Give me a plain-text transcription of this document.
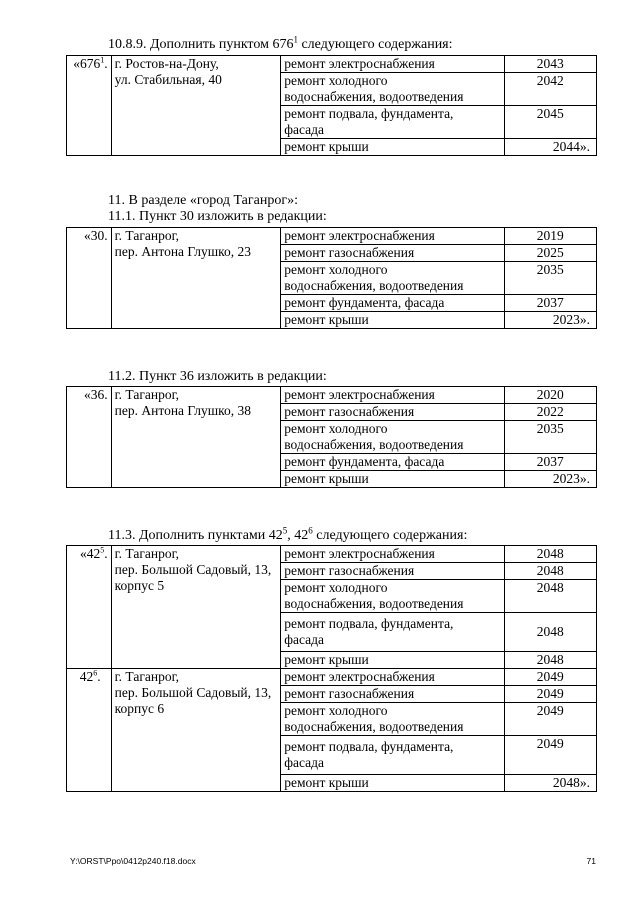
10.8.9. Дополнить пунктом $676^1$ следующего содержания:
«$676^1$.	г. Ростов-на-Дону,
ул. Стабильная, 40	ремонт электроснабжения	2043
		ремонт холодного
водоснабжения, водоотведения	2042
		ремонт подвала, фундамента,
фасада	2045
		ремонт крыши	2044».
11. В разделе «город Таганрог»:
11.1. Пункт 30 изложить в редакции:
«30.	г. Таганрог,
пер. Антона Глушко, 23	ремонт электроснабжения	2019
		ремонт газоснабжения	2025
		ремонт холодного
водоснабжения, водоотведения	2035
		ремонт фундамента, фасада	2037
		ремонт крыши	2023».
11.2. Пункт 36 изложить в редакции:
«36.	г. Таганрог,
пер. Антона Глушко, 38	ремонт электроснабжения	2020
		ремонт газоснабжения	2022
		ремонт холодного
водоснабжения, водоотведения	2035
		ремонт фундамента, фасада	2037
		ремонт крыши	2023».
11.3. Дополнить пунктами $42^5$, $42^6$ следующего содержания:
«$42^5$.	г. Таганрог,
пер. Большой Садовый, 13,
корпус 5	ремонт электроснабжения	2048
		ремонт газоснабжения	2048
		ремонт холодного
водоснабжения, водоотведения	2048
		ремонт подвала, фундамента,
фасада	2048
		ремонт крыши	2048
$42^6$.	г. Таганрог,
пер. Большой Садовый, 13,
корпус 6	ремонт электроснабжения	2049
		ремонт газоснабжения	2049
		ремонт холодного
водоснабжения, водоотведения	2049
		ремонт подвала, фундамента,
фасада	2049
		ремонт крыши	2048».
Y:\ORST\Ppo\0412p240.f18.docx	71
